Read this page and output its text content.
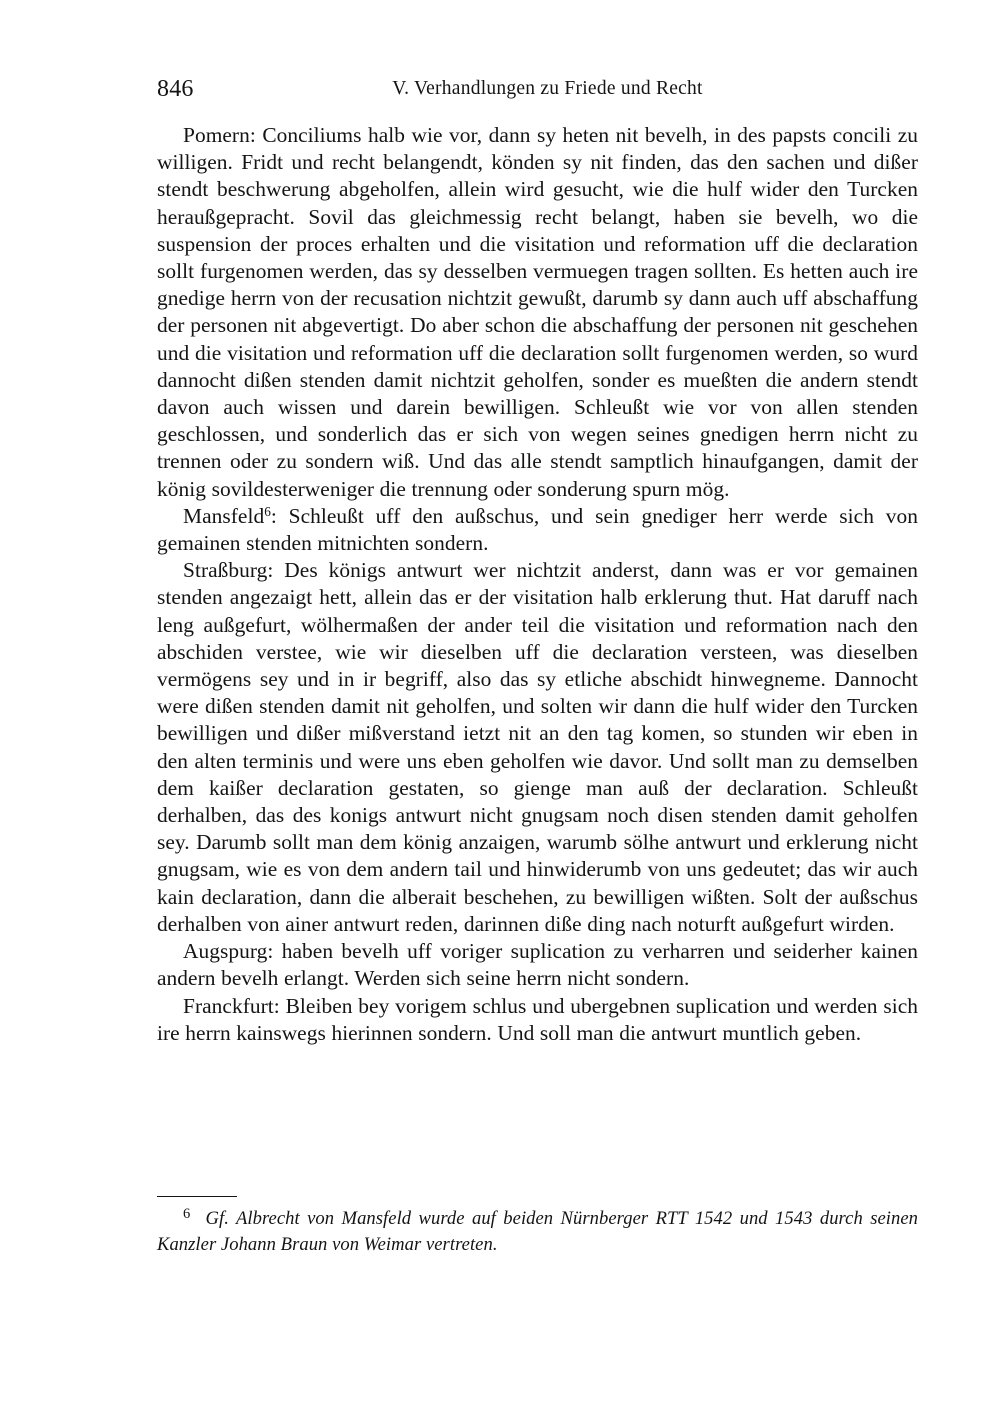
846	V. Verhandlungen zu Friede und Recht

Pomern: Conciliums halb wie vor, dann sy heten nit bevelh, in des papsts concili zu willigen. Fridt und recht belangendt, könden sy nit finden, das den sachen und dißer stendt beschwerung abgeholfen, allein wird gesucht, wie die hulf wider den Turcken heraußgepracht. Sovil das gleichmessig recht belangt, haben sie bevelh, wo die suspension der proces erhalten und die visitation und reformation uff die declaration sollt furgenomen werden, das sy desselben vermuegen tragen sollten. Es hetten auch ire gnedige herrn von der recusation nichtzit gewußt, darumb sy dann auch uff abschaffung der personen nit abgevertigt. Do aber schon die abschaffung der personen nit geschehen und die visitation und reformation uff die declaration sollt furgenomen werden, so wurd dannocht dißen stenden damit nichtzit geholfen, sonder es mueßten die andern stendt davon auch wissen und darein bewilligen. Schleußt wie vor von allen stenden geschlossen, und sonderlich das er sich von wegen seines gnedigen herrn nicht zu trennen oder zu sondern wiß. Und das alle stendt samptlich hinaufgangen, damit der könig sovildesterweniger die trennung oder sonderung spurn mög.

Mansfeld$^6$: Schleußt uff den außschus, und sein gnediger herr werde sich von gemainen stenden mitnichten sondern.

Straßburg: Des königs antwurt wer nichtzit anderst, dann was er vor gemainen stenden angezaigt hett, allein das er der visitation halb erklerung thut. Hat daruff nach leng außgefurt, wölhermaßen der ander teil die visitation und reformation nach den abschiden verstee, wie wir dieselben uff die declaration versteen, was dieselben vermögens sey und in ir begriff, also das sy etliche abschidt hinwegneme. Dannocht were dißen stenden damit nit geholfen, und solten wir dann die hulf wider den Turcken bewilligen und dißer mißverstand ietzt nit an den tag komen, so stunden wir eben in den alten terminis und were uns eben geholfen wie davor. Und sollt man zu demselben dem kaißer declaration gestaten, so gienge man auß der declaration. Schleußt derhalben, das des konigs antwurt nicht gnugsam noch disen stenden damit geholfen sey. Darumb sollt man dem könig anzaigen, warumb sölhe antwurt und erklerung nicht gnugsam, wie es von dem andern tail und hinwiderumb von uns gedeutet; das wir auch kain declaration, dann die alberait beschehen, zu bewilligen wißten. Solt der außschus derhalben von ainer antwurt reden, darinnen diße ding nach noturft außgefurt wirden.

Augspurg: haben bevelh uff voriger suplication zu verharren und seiderher kainen andern bevelh erlangt. Werden sich seine herrn nicht sondern.

Franckfurt: Bleiben bey vorigem schlus und ubergebnen suplication und werden sich ire herrn kainswegs hierinnen sondern. Und soll man die antwurt muntlich geben.

$^6$ Gf. Albrecht von Mansfeld wurde auf beiden Nürnberger RTT 1542 und 1543 durch seinen Kanzler Johann Braun von Weimar vertreten.
